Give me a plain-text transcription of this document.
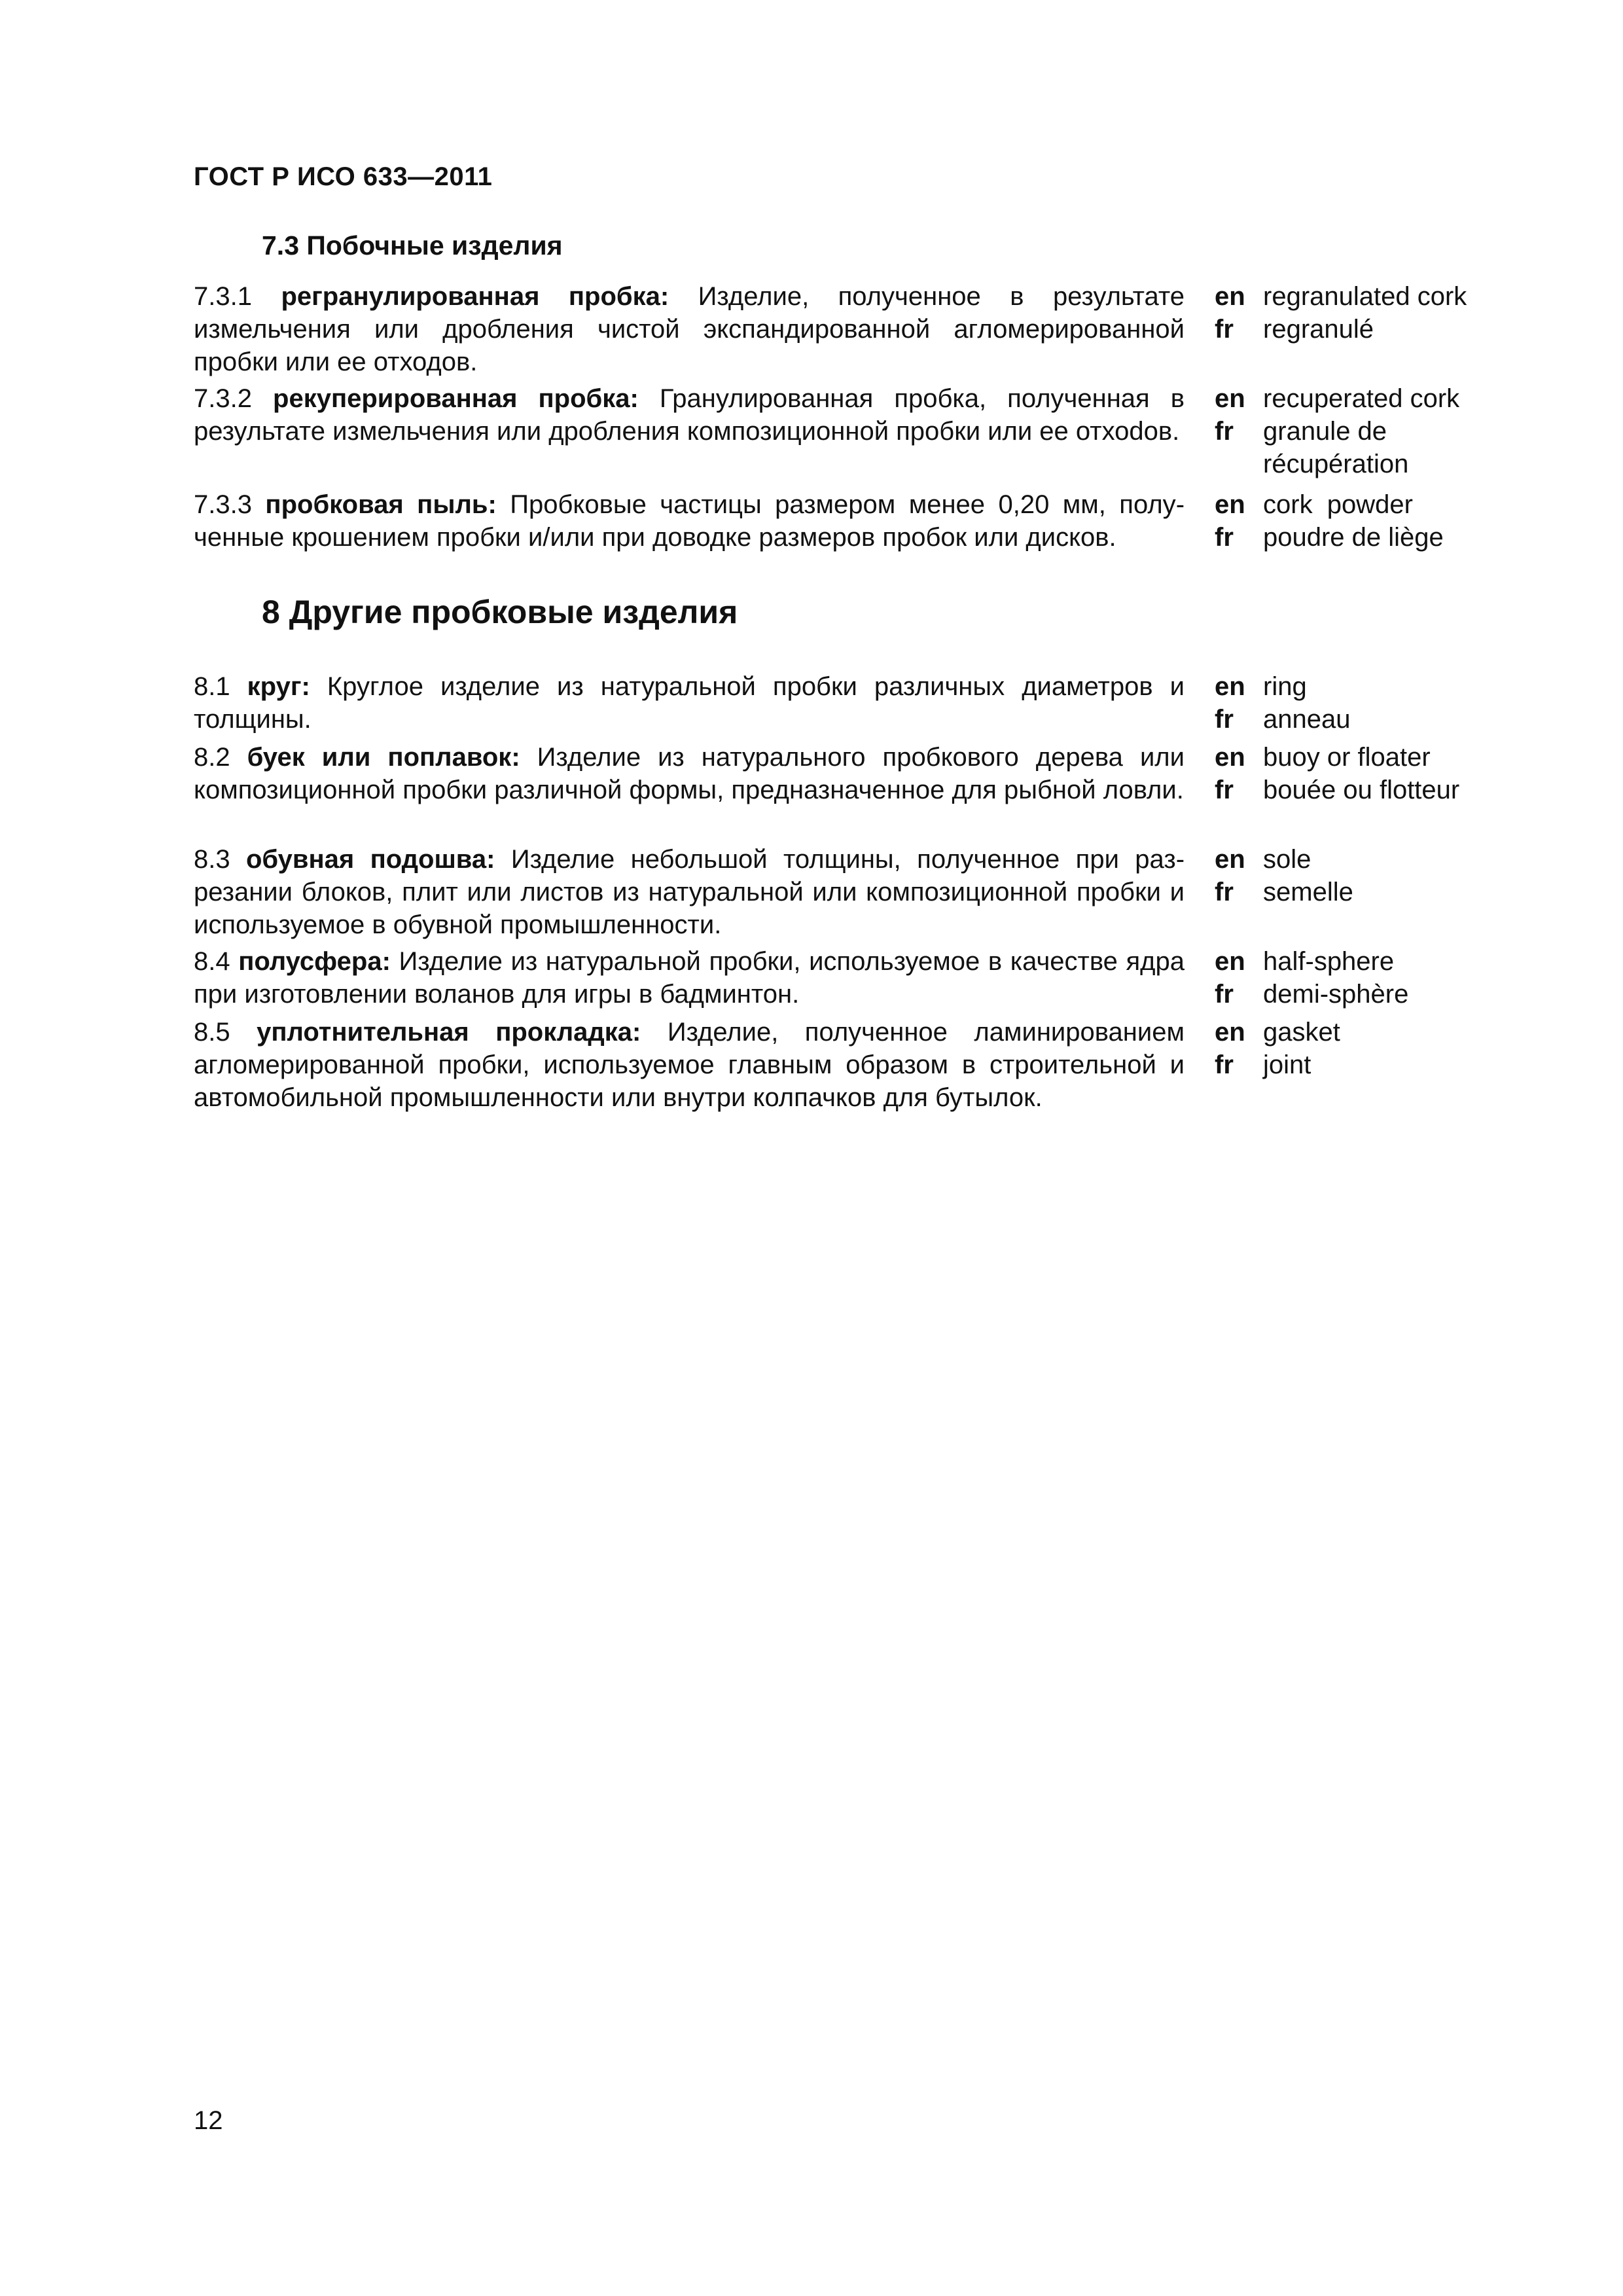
ГОСТ Р ИСО 633—2011
7.3 Побочные изделия
7.3.1 регранулированная пробка: Изделие, полученное в результате измельчения или дробления чистой экспандированной агломерированной пробки или ее отходов.
en regranulated cork
fr	regranulé
7.3.2 рекуперированная пробка: Гранулированная пробка, полученная в результате измельчения или дробления композиционной пробки или ее отхоdов.
en recuperated cork
fr	granule de récupération
7.3.3 пробковая пыль: Пробковые частицы размером менее 0,20 мм, полученные крошением пробки и/или при доводке размеров пробок или дисков.
en cork  powder
fr	poudre de liège
8 Другие пробковые изделия
8.1 круг: Круглое изделие из натуральной пробки различных диаметров и толщины.
en ring
fr	anneau
8.2 буек или поплавок: Изделие из натурального пробкового дерева или композиционной пробки различной формы, предназначенное для рыбной ловли.
en buoy or floater
fr	bouée ou flotteur
8.3 обувная подошва: Изделие небольшой толщины, полученное при разрезании блоков, плит или листов из натуральной или композиционной пробки и используемое в обувной промышленности.
en sole
fr	semelle
8.4 полусфера: Изделие из натуральной пробки, используемое в качестве ядра при изготовлении воланов для игры в бадминтон.
en half-sphere
fr	demi-sphère
8.5 уплотнительная прокладка: Изделие, полученное ламинированием агломерированной пробки, используемое главным образом в строительной и автомобильной промышленности или внутри колпачков для бутылок.
en gasket
fr	joint
12
